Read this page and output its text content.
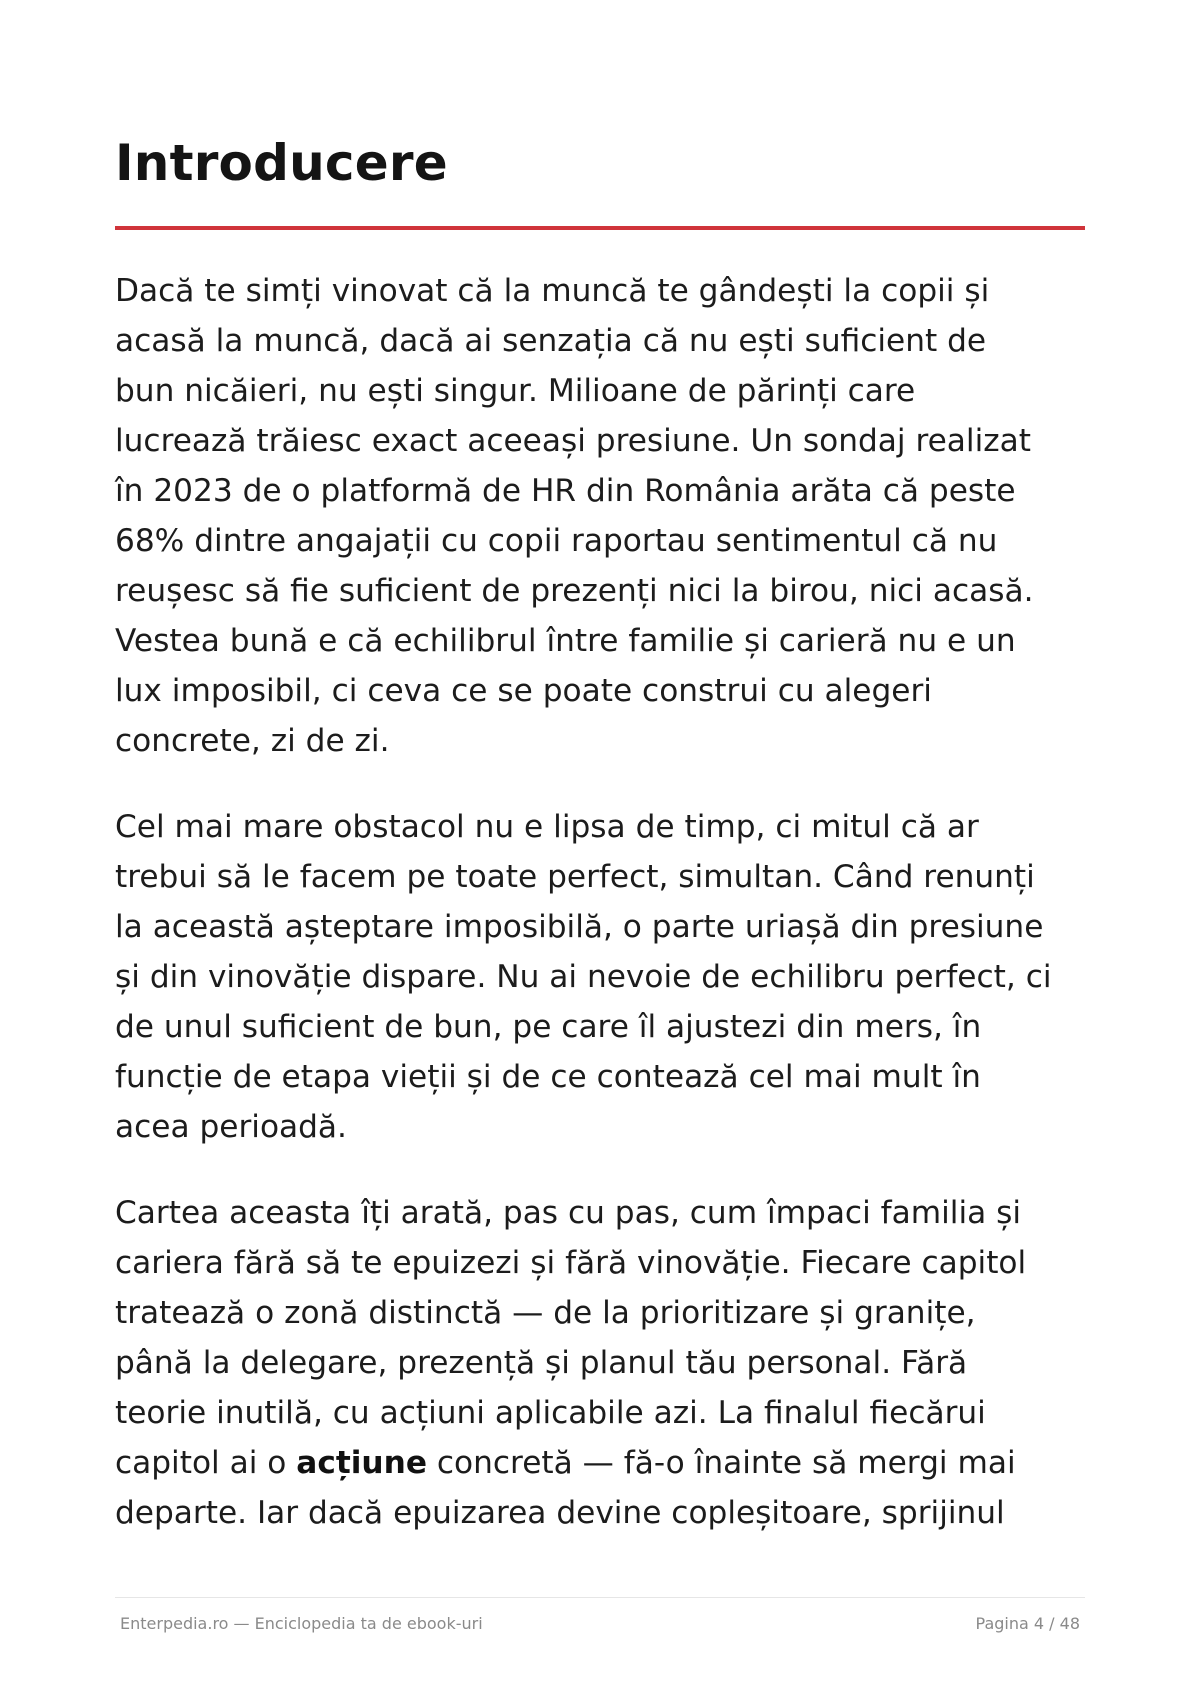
Introducere

Dacă te simți vinovat că la muncă te gândești la copii și
acasă la muncă, dacă ai senzația că nu ești suficient de
bun nicăieri, nu ești singur. Milioane de părinți care
lucrează trăiesc exact aceeași presiune. Un sondaj realizat
în 2023 de o platformă de HR din România arăta că peste
68% dintre angajații cu copii raportau sentimentul că nu
reușesc să fie suficient de prezenți nici la birou, nici acasă.
Vestea bună e că echilibrul între familie și carieră nu e un
lux imposibil, ci ceva ce se poate construi cu alegeri
concrete, zi de zi.

Cel mai mare obstacol nu e lipsa de timp, ci mitul că ar
trebui să le facem pe toate perfect, simultan. Când renunți
la această așteptare imposibilă, o parte uriașă din presiune
și din vinovăție dispare. Nu ai nevoie de echilibru perfect, ci
de unul suficient de bun, pe care îl ajustezi din mers, în
funcție de etapa vieții și de ce contează cel mai mult în
acea perioadă.

Cartea aceasta îți arată, pas cu pas, cum împaci familia și
cariera fără să te epuizezi și fără vinovăție. Fiecare capitol
tratează o zonă distinctă — de la prioritizare și granițe,
până la delegare, prezență și planul tău personal. Fără
teorie inutilă, cu acțiuni aplicabile azi. La finalul fiecărui
capitol ai o acțiune concretă — fă-o înainte să mergi mai
departe. Iar dacă epuizarea devine copleșitoare, sprijinul

Enterpedia.ro — Enciclopedia ta de ebook-uri	Pagina 4 / 48
